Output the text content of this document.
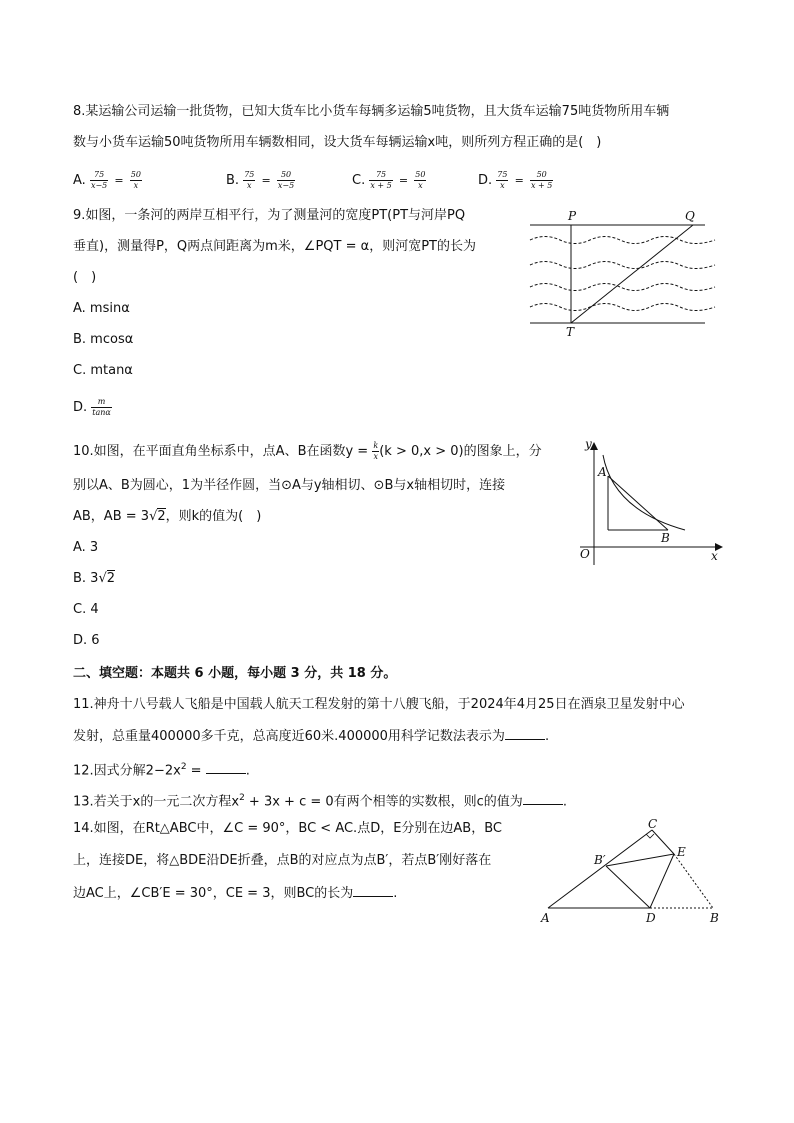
8.某运输公司运输一批货物，已知大货车比小货车每辆多运输5吨货物，且大货车运输75吨货物所用车辆
数与小货车运输50吨货物所用车辆数相同，设大货车每辆运输x吨，则所列方程正确的是(　)
A. $\frac{75}{x-5} = \frac{50}{x}$	B. $\frac{75}{x} = \frac{50}{x-5}$	C. $\frac{75}{x + 5} = \frac{50}{x}$	D. $\frac{75}{x} = \frac{50}{x + 5}$
9.如图，一条河的两岸互相平行，为了测量河的宽度PT(PT与河岸PQ
垂直)，测量得P，Q两点间距离为m米，∠PQT = α，则河宽PT的长为
(　)
A. msinα
B. mcosα
C. mtanα
D. $\frac{m}{\tan\alpha}$
P	Q
T
10.如图，在平面直角坐标系中，点A、B在函数$y = \frac{k}{x} (k > 0,x > 0)$的图象上，分
别以A、B为圆心，1为半径作圆，当⊙A与y轴相切、⊙B与x轴相切时，连接
AB，AB = 3√2，则k的值为(　)
A. 3
B. 3√2
C. 4
D. 6
y
x
O
A
B
二、填空题：本题共 6 小题，每小题 3 分，共 18 分。
11.神舟十八号载人飞船是中国载人航天工程发射的第十八艘飞船，于2024年4月25日在酒泉卫星发射中心
发射，总重量400000多千克，总高度近60米.400000用科学记数法表示为	.
12.因式分解$2-2x^2$ =	.
13.若关于x的一元二次方程$x^2 + 3x + c = 0$有两个相等的实数根，则c的值为	.
14.如图，在Rt△ABC中，∠C = 90°，BC < AC.点D，E分别在边AB，BC
上，连接DE，将△BDE沿DE折叠，点B的对应点为点B′，若点B′刚好落在
边AC上，∠CB′E = 30°，CE = 3，则BC的长为	.
C
B′
E
A	D	B
